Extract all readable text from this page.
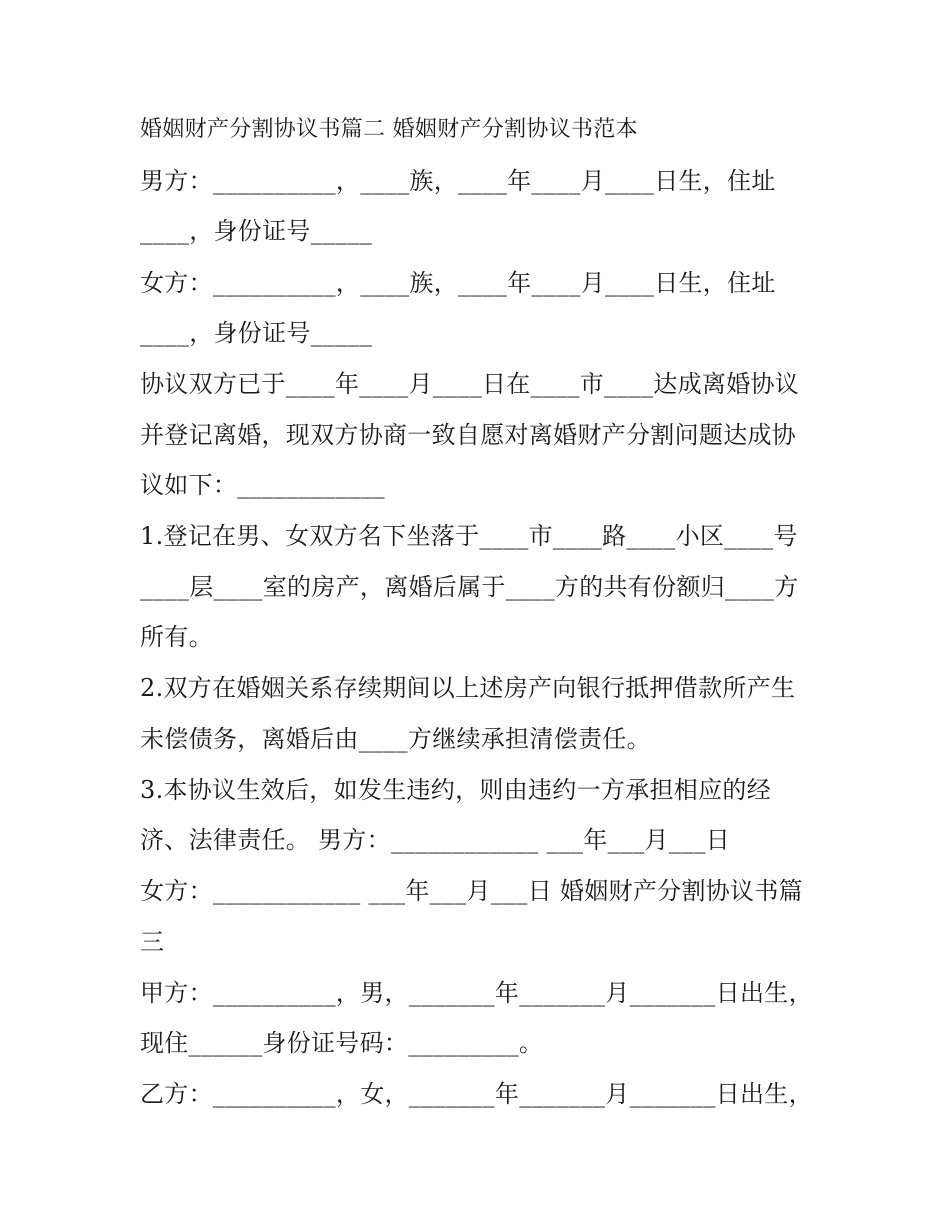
婚姻财产分割协议书篇二 婚姻财产分割协议书范本
男方：__________，____族，____年____月____日生，住址
____，身份证号_____
女方：__________，____族，____年____月____日生，住址
____，身份证号_____
协议双方已于____年____月____日在____市____达成离婚协议
并登记离婚，现双方协商一致自愿对离婚财产分割问题达成协
议如下：____________
1.登记在男、女双方名下坐落于____市____路____小区____号
____层____室的房产，离婚后属于____方的共有份额归____方
所有。
2.双方在婚姻关系存续期间以上述房产向银行抵押借款所产生
未偿债务，离婚后由____方继续承担清偿责任。
3.本协议生效后，如发生违约，则由违约一方承担相应的经
济、法律责任。 男方：____________ ___年___月___日
女方：____________ ___年___月___日 婚姻财产分割协议书篇
三
甲方：__________，男，_______年_______月_______日出生，
现住______身份证号码：_________。
乙方：__________，女，_______年_______月_______日出生，
